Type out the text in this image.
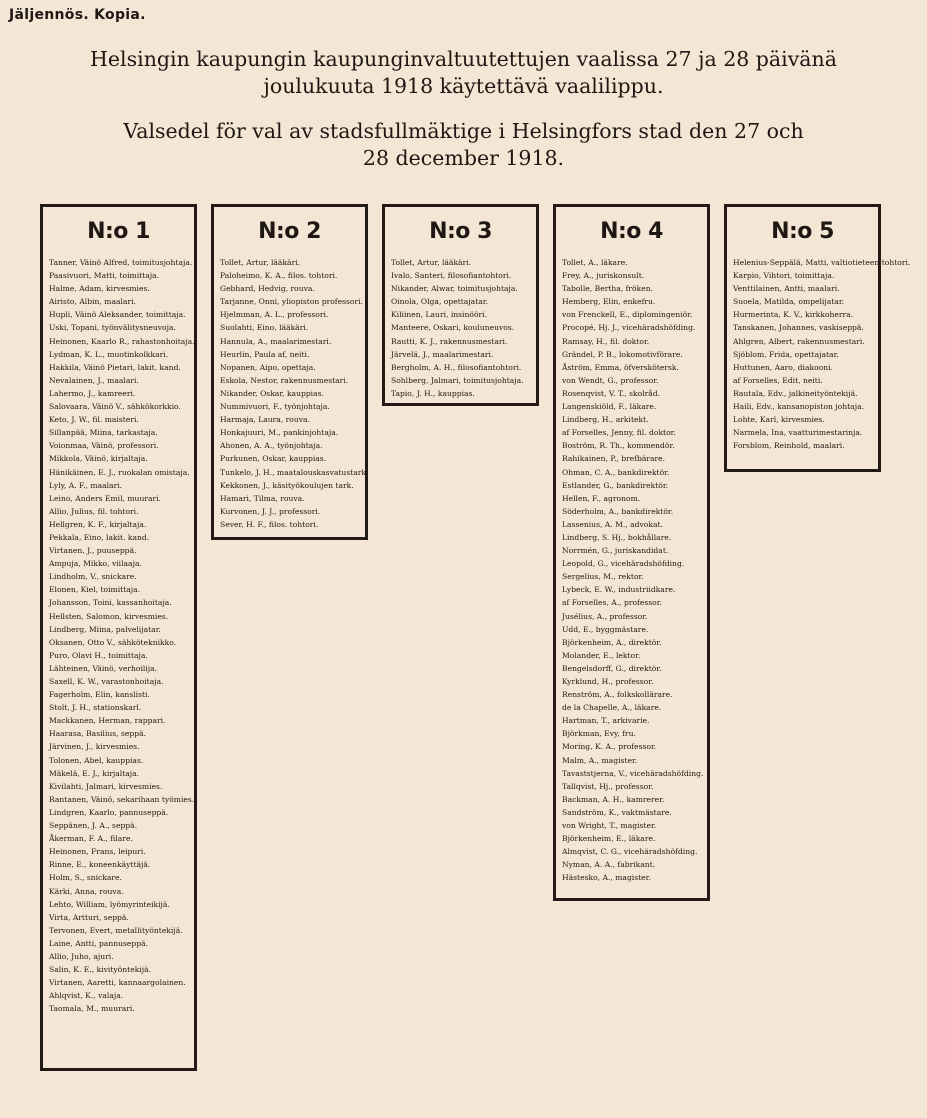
Jäljennös. Kopia.
Helsingin kaupungin kaupunginvaltuutettujen vaalissa 27 ja 28 päivänä
joulukuuta 1918 käytettävä vaalilippu.
Valsedel för val av stadsfullmäktige i Helsingfors stad den 27 och
28 december 1918.
N:o 1
Tanner, Väinö Alfred, toimitusjohtaja.
Paasivuori, Matti, toimittaja.
Halme, Adam, kirvesmies.
Airisto, Albin, maalari.
Hupli, Väinö Aleksander, toimittaja.
Uski, Topani, työnvälitysneuvoja.
Heinonen, Kaarlo R., rahastonhoitaja.
Lydman, K. L., muotinkolkkari.
Hakkila, Väinö Pietari, lakit. kand.
Nevalainen, J., maalari.
Lahermo, J., kamreeri.
Salovaara, Väinö V., sähkökorkkio.
Keto, J. W., fil. maisteri.
Sillanpää, Miina, tarkastaja.
Voionmaa, Väinö, professori.
Mikkola, Väinö, kirjaltaja.
Hänikäinen, E. J., ruokalan omistaja.
Lyly, A. F., maalari.
Leino, Anders Emil, muurari.
Allio, Julius, fil. tohtori.
Hellgren, K. F., kirjaltaja.
Pekkala, Eino, lakit. kand.
Virtanen, J., puuseppä.
Ampuja, Mikko, viilaaja.
Lindholm, V., snickare.
Elonen, Kiel, toimittaja.
Johansson, Toini, kassanhoitaja.
Hellsten, Salomon, kirvesmies.
Lindberg, Miina, palvelijatar.
Oksanen, Otto V., sähköteknikko.
Puro, Olavi H., toimittaja.
Lähteinen, Väinö, verhoilija.
Saxell, K. W., varastonhoitaja.
Fagerholm, Elin, kanslisti.
Stolt, J. H., stationskarl.
Mackkanen, Herman, rappari.
Haarasa, Basilius, seppä.
Järvinen, J., kirvesmies.
Tolonen, Abel, kauppias.
Mäkelä, E. J., kirjaltaja.
Kivilahti, Jalmari, kirvesmies.
Rantanen, Väinö, sekarihaan työmies.
Lindgren, Kaarlo, pannuseppä.
Seppänen, J. A., seppä.
Åkerman, F. A., filare.
Heinonen, Frans, leipuri.
Rinne, E., koneenkäyttäjä.
Holm, S., snickare.
Kärki, Anna, rouva.
Lehto, William, lyömyrinteikijä.
Virta, Artturi, seppä.
Tervonen, Evert, metallityöntekijä.
Laine, Antti, pannuseppä.
Allio, Juho, ajuri.
Salin, K. E., kivityöntekijä.
Virtanen, Aaretti, kannaargolainen.
Ahlqvist, K., valaja.
Taomala, M., muurari.
N:o 2
Tollet, Artur, lääkäri.
Paloheimo, K. A., filos. tohtori.
Gebhard, Hedvig, rouva.
Tarjanne, Onni, yliopiston professori.
Hjelmman, A. L., professori.
Suolahti, Eino, lääkäri.
Hannula, A., maalarimestari.
Heurlin, Paula af, neiti.
Nopanen, Aipo, opettaja.
Eskola, Nestor, rakennusmestari.
Nikander, Oskar, kauppias.
Nummivuori, F., työnjohtaja.
Harmaja, Laura, rouva.
Honkajuuri, M., pankinjohtaja.
Ahonen, A. A., työnjohtaja.
Purkunen, Oskar, kauppias.
Tunkelo, J. H., maatalouskasvatustark.
Kekkonen, J., käsityökoulujen tark.
Hamari, Tilma, rouva.
Kurvonen, J. J., professori.
Sever, H. F., filos. tohtori.
N:o 3
Tollet, Artur, lääkäri.
Ivalo, Santeri, filosofiantohtori.
Nikander, Alwar, toimitusjohtaja.
Oinola, Olga, opettajatar.
Kiliinen, Lauri, insinööri.
Manteere, Oskari, kouluneuvos.
Rautti, K. J., rakennusmestari.
Järvelä, J., maalarimestari.
Bergholm, A. H., filosofiantohtori.
Sohlberg, Jalmari, toimitusjohtaja.
Tapio, J. H., kauppias.
N:o 4
Tollet, A., läkare.
Frey, A., juriskonsult.
Tabolle, Bertha, fröken.
Hemberg, Elin, enkefru.
von Frenckell, E., diplomingeniör.
Procopé, Hj. J., vicehäradshöfding.
Ramsay, H., fil. doktor.
Grändel, P. B., lokomotivförare.
Åström, Emma, öfverskötersk.
von Wendt, G., professor.
Rosenqvist, V. T., skolråd.
Langenskiöld, F., läkare.
Lindberg, H., arkitekt.
af Forselles, Jenny, fil. doktor.
Boström, R. Th., kommendör.
Rahikainen, P., brefbärare.
Ohman, C. A., bankdirektör.
Estlander, G., bankdirektör.
Hellen, F., agronom.
Söderholm, A., bankdirektör.
Lassenius, A. M., advokat.
Lindberg, S. Hj., bokhållare.
Norrmén, G., juriskandidat.
Leopold, G., vicehäradshöfding.
Sergelius, M., rektor.
Lybeck, E. W., industriidkare.
af Forselles, A., professor.
Jusélius, A., professor.
Udd, E., byggmästare.
Björkenheim, A., direktör.
Molander, E., lektor.
Bengelsdorff, G., direktör.
Kyrklund, H., professor.
Renström, A., folkskollärare.
de la Chapelle, A., läkare.
Hartman, T., arkivarie.
Björkman, Evy, fru.
Moring, K. A., professor.
Malm, A., magister.
Tavaststjerna, V., vicehäradshöfding.
Tallqvist, Hj., professor.
Backman, A. H., kamrerer.
Sandström, K., vaktmästare.
von Wright, T., magister.
Björkenheim, E., läkare.
Almqvist, C. G., vicehäradshöfding.
Nyman, A. A., fabrikant.
Hästesko, A., magister.
N:o 5
Helenius-Seppälä, Matti, valtiotieteen tohtori.
Karpio, Vihtori, toimittaja.
Venttilainen, Antti, maalari.
Suoela, Matilda, ompelijatar.
Hurmerinta, K. V., kirkkoherra.
Tanskanen, Johannes, vaskiseppä.
Ahlgren, Albert, rakennusmestari.
Sjöblom, Frida, opettajatar.
Huttunen, Aaro, diakooni.
af Forselles, Edit, neiti.
Rautala, Edv., jalkineityöntekijä.
Haili, Edv., kansanopiston johtaja.
Lohte, Karl, kirvesmies.
Narmela, Ina, vaatturimestarinja.
Forsblom, Reinhold, maalari.
